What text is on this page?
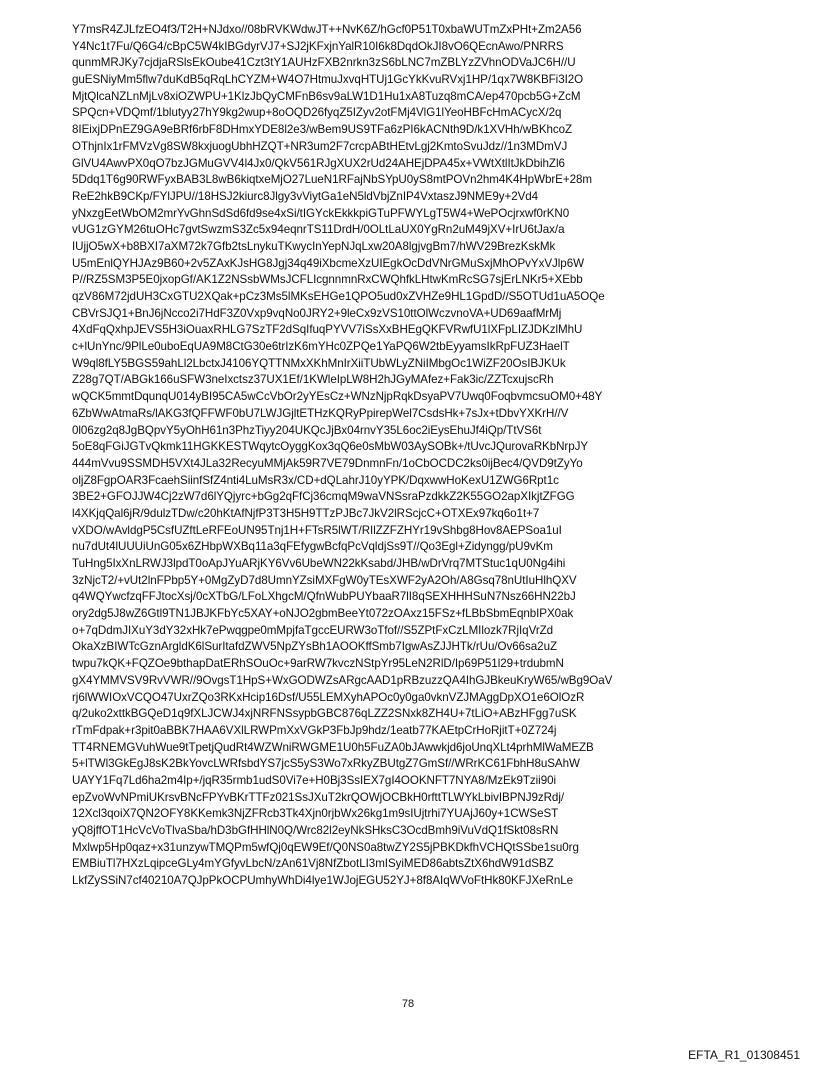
Y7msR4ZJLfzEO4f3/T2H+NJdxo//08bRVKWdwJT++NvK6Z/hGcf0P51T0xbaWUTmZxPHt+Zm2A56
Y4Nc1t7Fu/Q6G4/cBpC5W4kIBGdyrVJ7+SJ2jKFxjnYalR10I6k8DqdOkJI8vO6QEcnAwo/PNRRS
qunmMRJKy7cjdjaRSlsEkOube41Czt3tY1AUHzFXB2nrkn3zS6bLNC7mZBLYzZVhnODVaJC6H//U
guESNiyMm5flw7duKdB5qRqLhCYZM+W4O7HtmuJxvqHTUj1GcYkKvuRVxj1HP/1qx7W8KBFi3I2O
MjtQlcaNZLnMjLv8xiOZWPU+1KlzJbQyCMFnB6sv9aLW1D1Hu1xA8Tuzq8mCA/ep470pcb5G+ZcM
SPQcn+VDQmf/1blutyy27hY9kg2wup+8oOQD26fyqZ5IZyv2otFMj4VlG1lYeoHBFcHmACycX/2q
8IEixjDPnEZ9GA9eBRf6rbF8DHmxYDE8l2e3/wBem9US9TFa6zPI6kACNth9D/k1XVHh/wBKhcoZ
OThjnIx1rFMVzVg8SW8kxjuogUbhHZQT+NR3um2F7crcpABtHEtvLgj2KmtoSvuJdz//1n3MDmVJ
GlVU4AwvPX0qO7bzJGMuGVV4l4Jx0/QkV561RJgXUX2rUd24AHEjDPA45x+VWtXtlItJkDbihZl6
5Ddq1T6g90RWFyxBAB3L8wB6kiqtxeMjO27LueN1RFajNbSYpU0yS8mtPOVn2hm4K4HpWbrE+28m
ReE2hkB9CKp/FYlJPU//18HSJ2kiurc8Jlgy3vViytGa1eN5ldVbjZnIP4VxtaszJ9NME9y+2Vd4
yNxzgEetWbOM2mrYvGhnSdSd6fd9se4xSi/tIGYckEkkkpiGTuPFWYLgT5W4+WePOcjrxwf0rKN0
vUG1zGYM26tuOHc7gvtSwzmS3Zc5x94eqnrTS11DrdH/0OLtLaUX0YgRn2uM49jXV+IrU6tJax/a
IUjjO5wX+b8BXI7aXM72k7Gfb2tsLnykuTKwycInYepNJqLxw20A8lgjvgBm7/hWV29BrezKskMk
U5mEnlQYHJAz9B60+2v5ZAxKJsHG8Jgj34q49iXbcmeXzUIEgkOcDdVNrGMuSxjMhOPvYxVJlp6W
P//RZ5SM3P5E0jxopGf/AK1Z2NSsbWMsJCFLIcgnnmnRxCWQhfkLHtwKmRcSG7sjErLNKr5+XEbb
qzV86M72jdUH3CxGTU2XQak+pCz3Ms5lMKsEHGe1QPO5ud0xZVHZe9HL1GpdD//S5OTUd1uA5OQe
CBVrSJQ1+BnJ6jNcco2i7HdF3Z0Vxp9vqNo0JRY2+9leCx9zVS10ttOlWczvnoVA+UD69aafMrMj
4XdFqQxhpJEVS5H3iOuaxRHLG7SzTF2dSqIfuqPYVV7iSsXxBHEgQKFVRwfU1lXFpLIZJDKzlMhU
c+lUnYnc/9PlLe0uboEqUA9M8CtG30e6trIzK6mYHc0ZPQe1YaPQ6W2tbEyyamsIkRpFUZ3HaelT
W9ql8fLY5BGS59ahLl2LbctxJ4106YQTTNMxXKhMnIrXiiTUbWLyZNiIMbgOc1WiZF20OsIBJKUk
Z28g7QT/ABGk166uSFW3neIxctsz37UX1Ef/1KWleIpLW8H2hJGyMAfez+Fak3ic/ZZTcxujscRh
wQCK5mmtDqunqU014yBI95CA5wCcVbOr2yYEsCz+WNzNjpRqkDsyaPV7Uwq0FoqbvmcsuOM0+48Y
6ZbWwAtmaRs/lAKG3fQFFWF0bU7LWJGjltETHzKQRyPpirepWel7CsdsHk+7sJx+tDbvYXKrH//V
0l06zg2q8JgBQpvY5yOhH61n3PhzTiyy204UKQcJjBx04rnvY35L6oc2iEysEhuJf4iQp/TtVS6t
5oE8qFGiJGTvQkmk11HGKKESTWqytcOyggKox3qQ6e0sMbW03AySOBk+/tUvcJQurovaRKbNrpJY
444mVvu9SSMDH5VXt4JLa32RecyuMMjAk59R7VE79DnmnFn/1oCbOCDC2ks0ijBec4/QVD9tZyYo
oljZ8FgpOAR3FcaehSiinfSfZ4nti4LuMsR3x/CD+dQLahrJ10yYPK/DqxwwHoKexU1ZWG6Rpt1c
3BE2+GFOJJW4Cj2zW7d6lYQjyrc+bGg2qFfCj36cmqM9waVNSsraPzdkkZ2K55GO2apXIkjtZFGG
l4XKjqQal6jR/9dulzTDw/c20hKtAfNjfP3T3H5H9TTzPJBc7JkV2lRScjcC+OTXEx97kq6o1t+7
vXDO/wAvldgP5CsfUZftLeRFEoUN95Tnj1H+FTsR5lWT/RIlZZFZHYr19vShbg8Hov8AEPSoa1uI
nu7dUt4lUUUiUnG05x6ZHbpWXBq11a3qFEfygwBcfqPcVqldjSs9T//Qo3Egl+Zidyngg/pU9vKm
TuHng5IxXnLRWJ3lpdT0oApJYuARjKY6Vv6UbeWN22kKsabd/JHB/wDrVrq7MTStuc1qU0Ng4ihi
3zNjcT2/+vUt2lnFPbp5Y+0MgZyD7d8UmnYZsiMXFgW0yTEsXWF2yA2Oh/A8Gsq78nUtIuHlhQXV
q4WQYwcfzqFFJtocXsj/0cXTbG/LFoLXhgcM/QfnWubPUYbaaR7lI8qSEXHHHSuN7Nsz66HN22bJ
ory2dg5J8wZ6Gtl9TN1JBJKFbYc5XAY+oNJO2gbmBeeYt072zOAxz15FSz+fLBbSbmEqnbIPX0ak
o+7qDdmJIXuY3dY32xHk7ePwqgpe0mMpjfaTgccEURW3oTfof//S5ZPtFxCzLMIlozk7RjIqVrZd
OkaXzBIWTcGznArgldK6lSurItafdZWV5NpZYsBh1AOOKffSmb7IgwAsZJJHTk/rUu/Ov66sa2uZ
twpu7kQK+FQZOe9bthapDatERhSOuOc+9arRW7kvczNStpYr95LeN2RlD/Ip69P51l29+trdubmN
gX4YMMVSV9RvVWR//9OvgsT1HpS+WxGODWZsARgcAAD1pRBzuzzQA4IhGJBkeuKryW65/wBg9OaV
rj6lWWIOxVCQO47UxrZQo3RKxHcip16Dsf/U55LEMXyhAPOc0y0ga0vknVZJMAggDpXO1e6OlOzR
q/2uko2xttkBGQeD1q9fXLJCWJ4xjNRFNSsypbGBC876qLZZ2SNxk8ZH4U+7tLiO+ABzHFgg7uSK
rTmFdpak+r3pit0aBBK7HAA6VXlLRWPmXxVGkP3FbJp9hdz/1eatb77KAEtpCrHoRjitT+0Z724j
TT4RNEMGVuhWue9tTpetjQudRt4WZWniRWGME1U0h5FuZA0bJAwwkjd6joUnqXLt4prhMlWaMEZB
5+lTWl3GkEgJ8sK2BkYovcLWRfsbdYS7jcS5yS3Wo7xRkyZBUtgZ7GmSf//WRrKC61FbhH8uSAhW
UAYY1Fq7Ld6ha2m4Ip+/jqR35rmb1udS0Vi7e+H0Bj3SsIEX7gI4OOKNFT7NYA8/MzEk9Tzii90i
epZvoWvNPmiUKrsvBNcFPYvBKrTTFz021SsJXuT2krQOWjOCBkH0rfttTLWYkLbivIBPNJ9zRdj/
12Xcl3qoiX7QN2OFY8KKemk3NjZFRcb3Tk4Xjn0rjbWx26kg1m9sIUjtrhi7YUAjJ60y+1CWSeST
yQ8jffOT1HcVcVoTlvaSba/hD3bGfHHlN0Q/Wrc82l2eyNkSHksC3OcdBmh9iVuVdQ1fSkt08sRN
Mxlwp5Hp0qaz+x31unzywTMQPm5wfQj0qEW9Ef/Q0NS0a8twZY2S5jPBKDkfhVCHQtSSbe1su0rg
EMBiuTl7HXzLqipceGLy4mYGfyvLbcN/zAn61Vj8NfZbotLI3mISyiMED86abtsZtX6hdW91dSBZ
LkfZySSiN7cf40210A7QJpPkOCPUmhyWhDi4lye1WJojEGU52YJ+8f8AIqWVoFtHk80KFJXeRnLe
78
EFTA_R1_01308451
